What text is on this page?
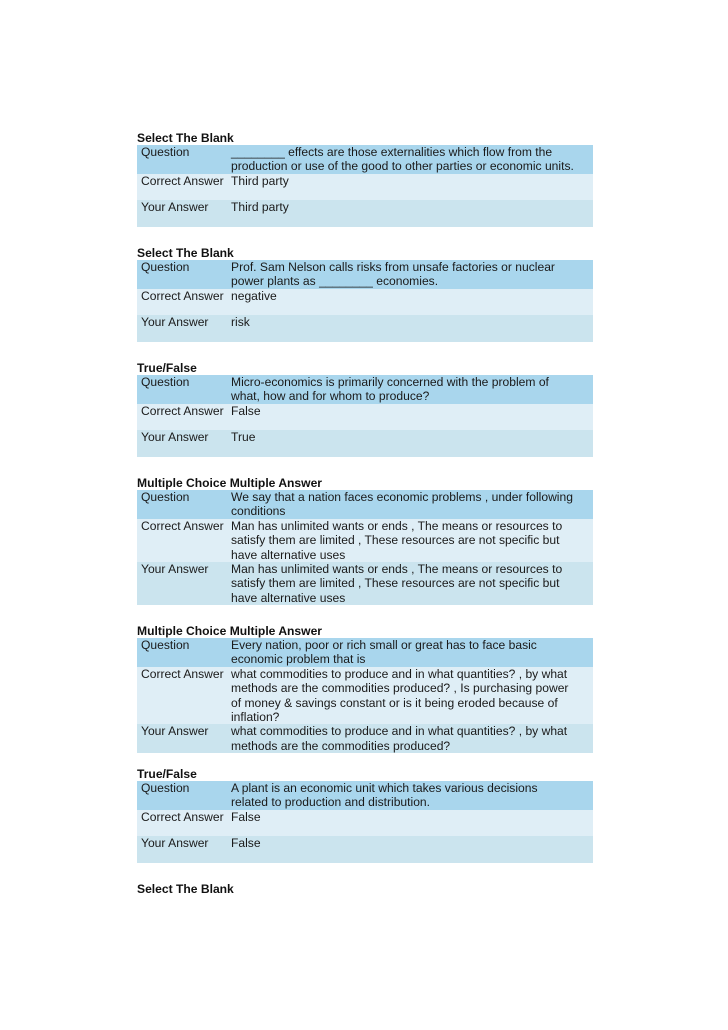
Select The Blank
Question	________ effects are those externalities which flow from the
production or use of the good to other parties or economic units.
Correct Answer Third party
Your Answer	Third party
Select The Blank
Question	Prof. Sam Nelson calls risks from unsafe factories or nuclear
power plants as ________ economies.
Correct Answer negative
Your Answer	risk
True/False
Question	Micro-economics is primarily concerned with the problem of
what, how and for whom to produce?
Correct Answer False
Your Answer	True
Multiple Choice Multiple Answer
Question	We say that a nation faces economic problems , under following
conditions
Correct Answer Man has unlimited wants or ends , The means or resources to
satisfy them are limited , These resources are not specific but
have alternative uses
Your Answer	Man has unlimited wants or ends , The means or resources to
satisfy them are limited , These resources are not specific but
have alternative uses
Multiple Choice Multiple Answer
Question	Every nation, poor or rich small or great has to face basic
economic problem that is
Correct Answer what commodities to produce and in what quantities? , by what
methods are the commodities produced? , Is purchasing power
of money & savings constant or is it being eroded because of
inflation?
Your Answer	what commodities to produce and in what quantities? , by what
methods are the commodities produced?
True/False
Question	A plant is an economic unit which takes various decisions
related to production and distribution.
Correct Answer False
Your Answer	False
Select The Blank
